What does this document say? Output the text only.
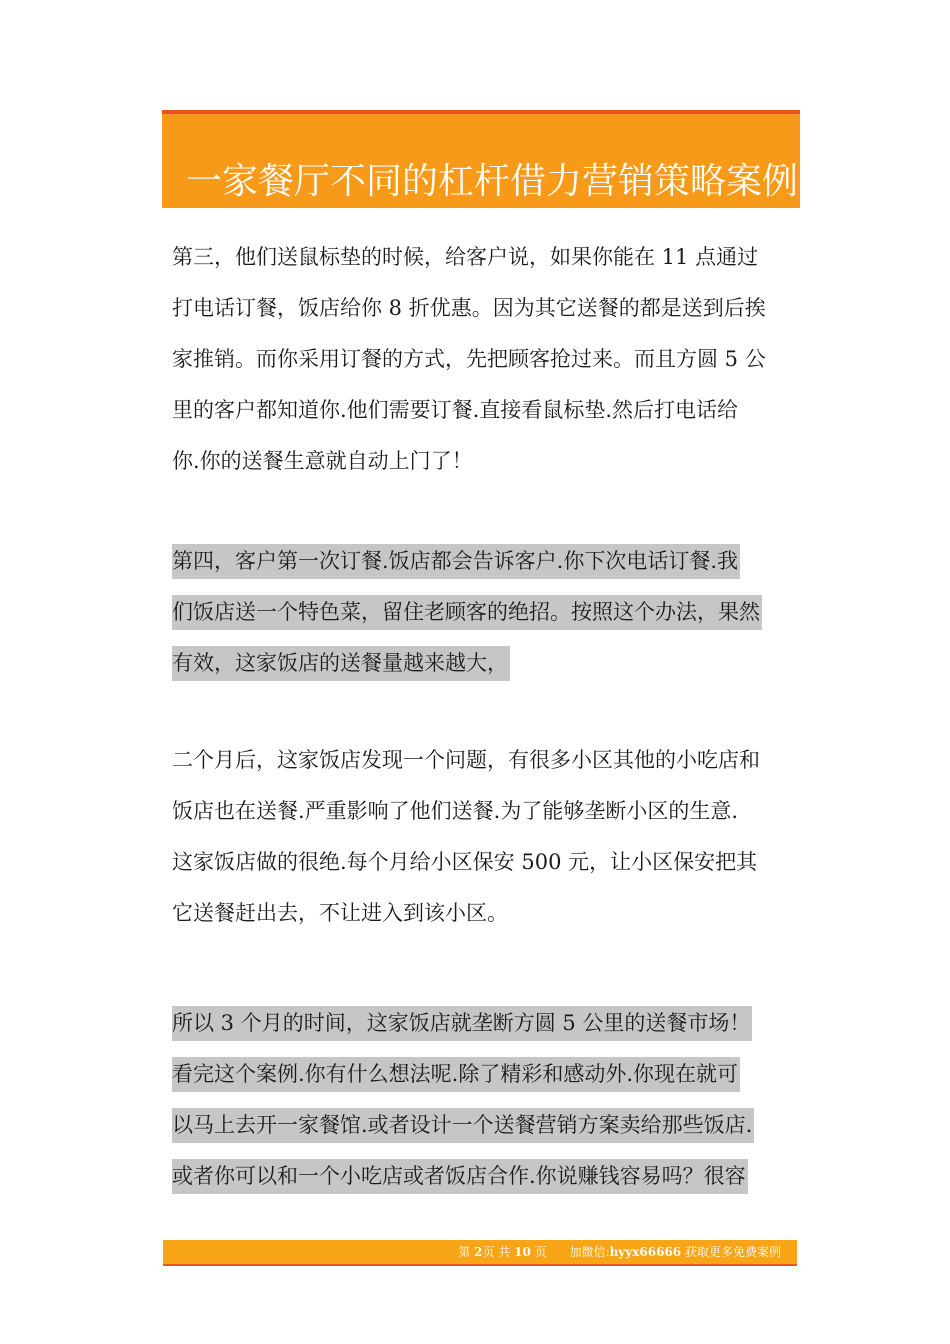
一家餐厅不同的杠杆借力营销策略案例
第三，他们送鼠标垫的时候，给客户说，如果你能在 11 点通过
打电话订餐，饭店给你 8 折优惠。因为其它送餐的都是送到后挨
家推销。而你采用订餐的方式，先把顾客抢过来。而且方圆 5 公
里的客户都知道你.他们需要订餐.直接看鼠标垫.然后打电话给
你.你的送餐生意就自动上门了！
第四，客户第一次订餐.饭店都会告诉客户.你下次电话订餐.我
们饭店送一个特色菜，留住老顾客的绝招。按照这个办法，果然
有效，这家饭店的送餐量越来越大，
二个月后，这家饭店发现一个问题，有很多小区其他的小吃店和
饭店也在送餐.严重影响了他们送餐.为了能够垄断小区的生意.
这家饭店做的很绝.每个月给小区保安 500 元，让小区保安把其
它送餐赶出去，不让进入到该小区。
所以 3 个月的时间，这家饭店就垄断方圆 5 公里的送餐市场！
看完这个案例.你有什么想法呢.除了精彩和感动外.你现在就可
以马上去开一家餐馆.或者设计一个送餐营销方案卖给那些饭店.
或者你可以和一个小吃店或者饭店合作.你说赚钱容易吗？很容
第 2页 共 10 页 加微信:hyyx66666 获取更多免费案例
